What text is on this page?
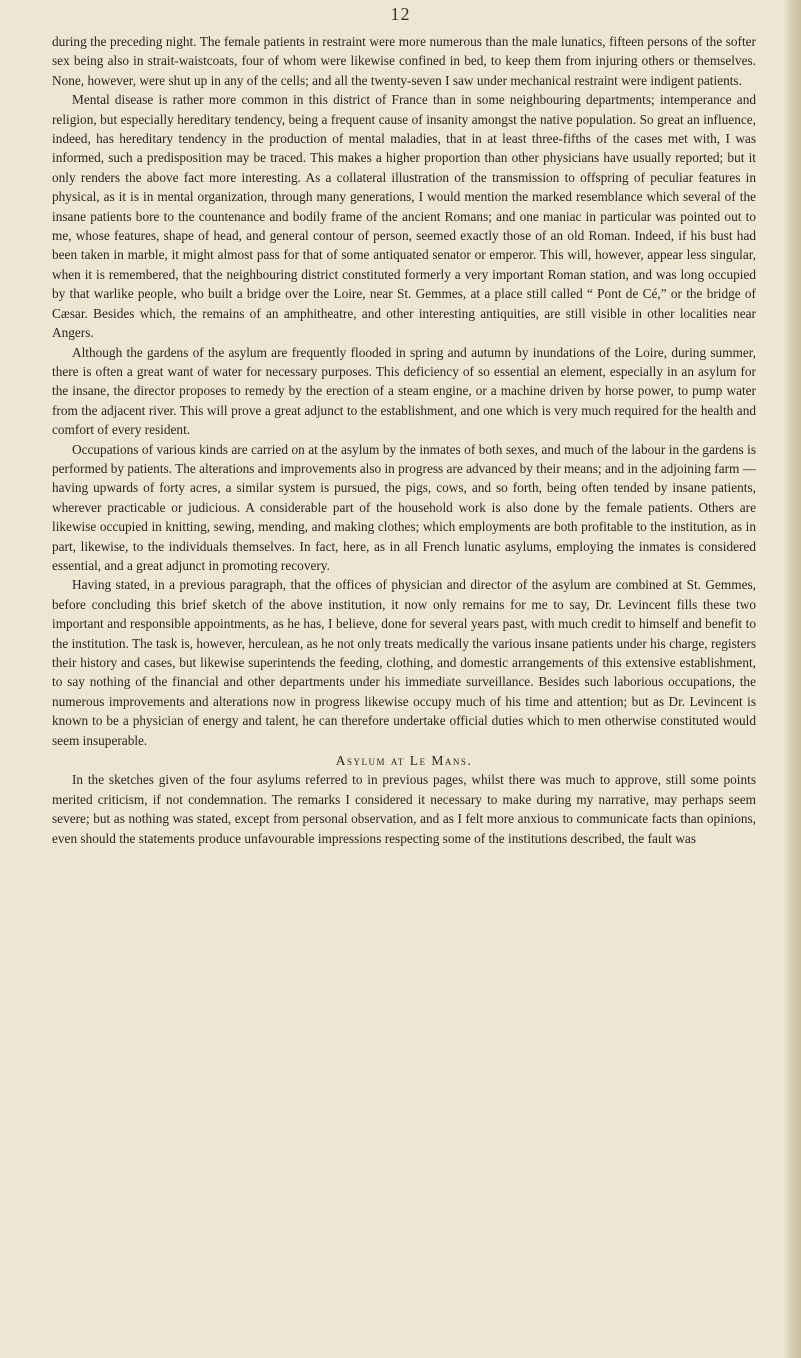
12

during the preceding night. The female patients in restraint were more numerous than the male lunatics, fifteen persons of the softer sex being also in strait-waistcoats, four of whom were likewise confined in bed, to keep them from injuring others or themselves. None, however, were shut up in any of the cells; and all the twenty-seven I saw under mechanical restraint were indigent patients.

Mental disease is rather more common in this district of France than in some neighbouring departments; intemperance and religion, but especially hereditary tendency, being a frequent cause of insanity amongst the native population. So great an influence, indeed, has hereditary tendency in the production of mental maladies, that in at least three-fifths of the cases met with, I was informed, such a predisposition may be traced. This makes a higher proportion than other physicians have usually reported; but it only renders the above fact more interesting. As a collateral illustration of the transmission to offspring of peculiar features in physical, as it is in mental organization, through many generations, I would mention the marked resemblance which several of the insane patients bore to the countenance and bodily frame of the ancient Romans; and one maniac in particular was pointed out to me, whose features, shape of head, and general contour of person, seemed exactly those of an old Roman. Indeed, if his bust had been taken in marble, it might almost pass for that of some antiquated senator or emperor. This will, however, appear less singular, when it is remembered, that the neighbouring district constituted formerly a very important Roman station, and was long occupied by that warlike people, who built a bridge over the Loire, near St. Gemmes, at a place still called “ Pont de Cé,” or the bridge of Cæsar. Besides which, the remains of an amphitheatre, and other interesting antiquities, are still visible in other localities near Angers.

Although the gardens of the asylum are frequently flooded in spring and autumn by inundations of the Loire, during summer, there is often a great want of water for necessary purposes. This deficiency of so essential an element, especially in an asylum for the insane, the director proposes to remedy by the erection of a steam engine, or a machine driven by horse power, to pump water from the adjacent river. This will prove a great adjunct to the establishment, and one which is very much required for the health and comfort of every resident.

Occupations of various kinds are carried on at the asylum by the inmates of both sexes, and much of the labour in the gardens is performed by patients. The alterations and improvements also in progress are advanced by their means; and in the adjoining farm —having upwards of forty acres, a similar system is pursued, the pigs, cows, and so forth, being often tended by insane patients, wherever practicable or judicious. A considerable part of the household work is also done by the female patients. Others are likewise occupied in knitting, sewing, mending, and making clothes; which employments are both profitable to the institution, as in part, likewise, to the individuals themselves. In fact, here, as in all French lunatic asylums, employing the inmates is considered essential, and a great adjunct in promoting recovery.

Having stated, in a previous paragraph, that the offices of physician and director of the asylum are combined at St. Gemmes, before concluding this brief sketch of the above institution, it now only remains for me to say, Dr. Levincent fills these two important and responsible appointments, as he has, I believe, done for several years past, with much credit to himself and benefit to the institution. The task is, however, herculean, as he not only treats medically the various insane patients under his charge, registers their history and cases, but likewise superintends the feeding, clothing, and domestic arrangements of this extensive establishment, to say nothing of the financial and other departments under his immediate surveillance. Besides such laborious occupations, the numerous improvements and alterations now in progress likewise occupy much of his time and attention; but as Dr. Levincent is known to be a physician of energy and talent, he can therefore undertake official duties which to men otherwise constituted would seem insuperable.

Asylum at Le Mans.

In the sketches given of the four asylums referred to in previous pages, whilst there was much to approve, still some points merited criticism, if not condemnation. The remarks I considered it necessary to make during my narrative, may perhaps seem severe; but as nothing was stated, except from personal observation, and as I felt more anxious to communicate facts than opinions, even should the statements produce unfavourable impressions respecting some of the institutions described, the fault was
